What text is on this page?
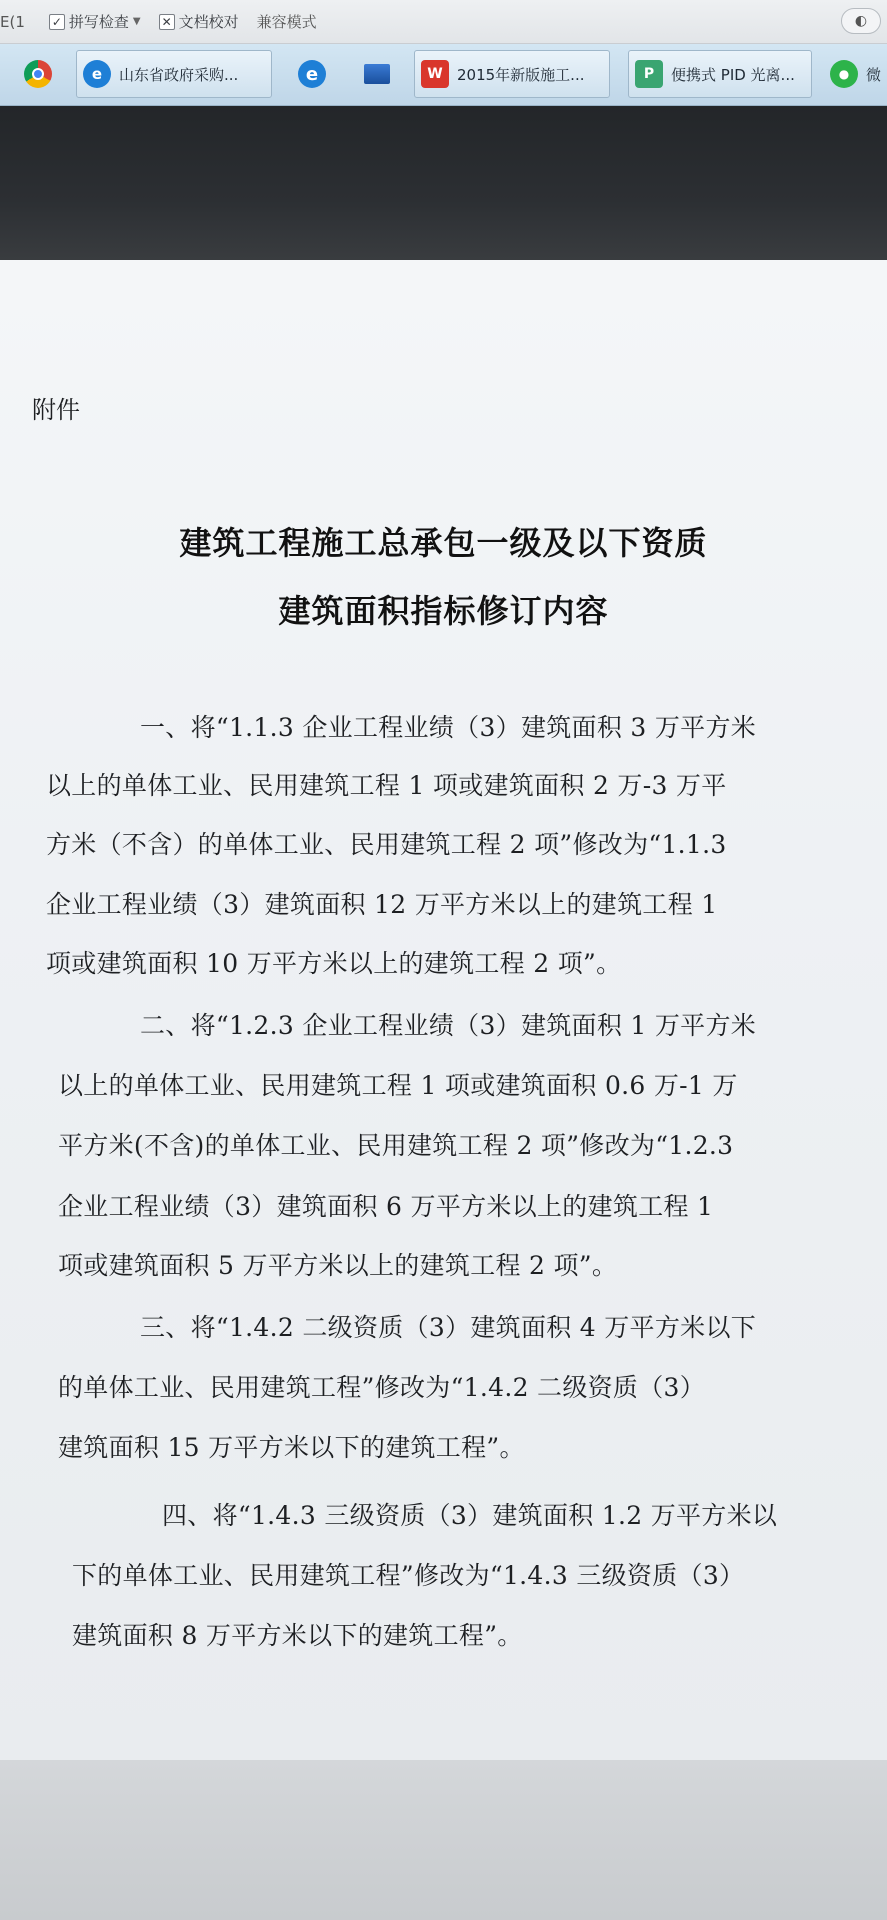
E(1 ✓ 拼写检查 ▼ ✕ 文档校对 兼容模式	◐
e	山东省政府采购...	e	W 2015年新版施工...	P	便携式 PID 光离...	●	微
附件
建筑工程施工总承包一级及以下资质
建筑面积指标修订内容
一、将“1.1.3 企业工程业绩（3）建筑面积 3 万平方米
以上的单体工业、民用建筑工程 1 项或建筑面积 2 万-3 万平
方米（不含）的单体工业、民用建筑工程 2 项”修改为“1.1.3
企业工程业绩（3）建筑面积 12 万平方米以上的建筑工程 1
项或建筑面积 10 万平方米以上的建筑工程 2 项”。
二、将“1.2.3 企业工程业绩（3）建筑面积 1 万平方米
以上的单体工业、民用建筑工程 1 项或建筑面积 0.6 万-1 万
平方米(不含)的单体工业、民用建筑工程 2 项”修改为“1.2.3
企业工程业绩（3）建筑面积 6 万平方米以上的建筑工程 1
项或建筑面积 5 万平方米以上的建筑工程 2 项”。
三、将“1.4.2 二级资质（3）建筑面积 4 万平方米以下
的单体工业、民用建筑工程”修改为“1.4.2 二级资质（3）
建筑面积 15 万平方米以下的建筑工程”。
四、将“1.4.3 三级资质（3）建筑面积 1.2 万平方米以
下的单体工业、民用建筑工程”修改为“1.4.3 三级资质（3）
建筑面积 8 万平方米以下的建筑工程”。
